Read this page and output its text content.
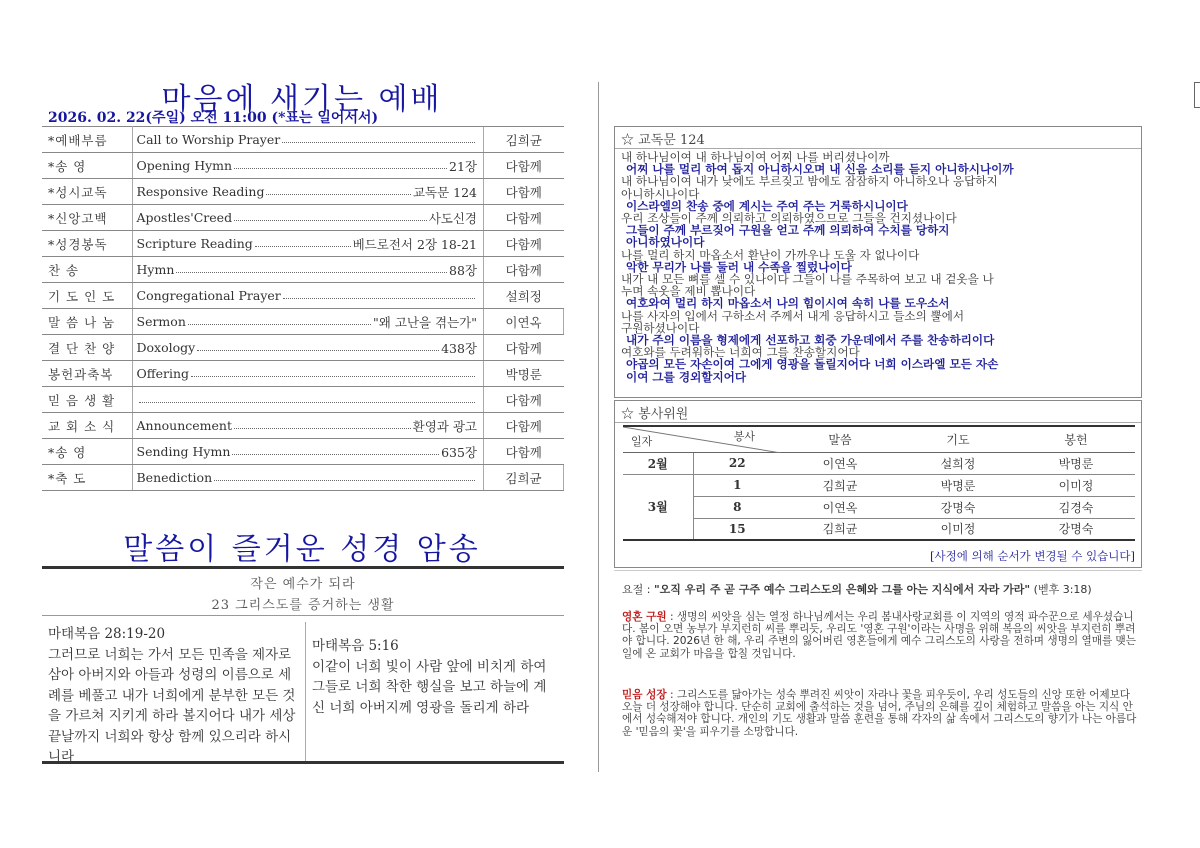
마음에 새기는 예배
2026. 02. 22(주일) 오전 11:00 (*표는 일어서서)
*예배부름	Call to Worship Prayer	김희균
*송 영	Opening Hymn 21장	다함께
*성시교독	Responsive Reading 교독문 124	다함께
*신앙고백	Apostles'Creed 사도신경	다함께
*성경봉독	Scripture Reading 베드로전서 2장 18-21	다함께
찬 송	Hymn 88장	다함께
기 도 인 도	Congregational Prayer	설희정
말 씀 나 눔	Sermon "왜 고난을 겪는가"	이연옥
결 단 찬 양	Doxology 438장	다함께
봉헌과축복	Offering	박명룬
믿 음 생 활		다함께
교 회 소 식	Announcement 환영과 광고	다함께
*송 영	Sending Hymn 635장	다함께
*축 도	Benediction	김희균
말씀이 즐거운 성경 암송
작은 예수가 되라
23 그리스도를 증거하는 생활
마태복음 28:19-20
그러므로 너희는 가서 모든 민족을 제자로 삼아 아버지와 아들과 성령의 이름으로 세례를 베풀고 내가 너희에게 분부한 모든 것을 가르쳐 지키게 하라 볼지어다 내가 세상 끝날까지 너희와 항상 함께 있으리라 하시니라
마태복음 5:16
이같이 너희 빛이 사람 앞에 비치게 하여 그들로 너희 착한 행실을 보고 하늘에 계신 너희 아버지께 영광을 돌리게 하라
☆ 교독문 124
내 하나님이여 내 하나님이여 어찌 나를 버리셨나이까
어찌 나를 멀리 하여 돕지 아니하시오며 내 신음 소리를 듣지 아니하시나이까
내 하나님이여 내가 낮에도 부르짖고 밤에도 잠잠하지 아니하오나 응답하지
아니하시나이다
이스라엘의 찬송 중에 계시는 주여 주는 거룩하시니이다
우리 조상들이 주께 의뢰하고 의뢰하였으므로 그들을 건지셨나이다
그들이 주께 부르짖어 구원을 얻고 주께 의뢰하여 수치를 당하지
아니하였나이다
나를 멀리 하지 마옵소서 환난이 가까우나 도울 자 없나이다
악한 무리가 나를 둘러 내 수족을 찔렀나이다
내가 내 모든 뼈를 셀 수 있나이다 그들이 나를 주목하여 보고 내 겉옷을 나
누며 속옷을 제비 뽑나이다
여호와여 멀리 하지 마옵소서 나의 힘이시여 속히 나를 도우소서
나를 사자의 입에서 구하소서 주께서 내게 응답하시고 들소의 뿔에서
구원하셨나이다
내가 주의 이름을 형제에게 선포하고 회중 가운데에서 주를 찬송하리이다
여호와를 두려워하는 너희여 그를 찬송할지어다
야곱의 모든 자손이여 그에게 영광을 돌릴지어다 너희 이스라엘 모든 자손
이여 그를 경외할지어다
☆ 봉사위원
일자 봉사		말씀	기도	봉헌
2월	22	이연옥	설희정	박명룬
3월	1	김희균	박명룬	이미정
	8	이연옥	강명숙	김경숙
	15	김희균	이미정	강명숙
[사정에 의해 순서가 변경될 수 있습니다]
요절 : "오직 우리 주 곧 구주 예수 그리스도의 은혜와 그를 아는 지식에서 자라 가라" (벧후 3:18)
영혼 구원 : 생명의 씨앗을 심는 열정 하나님께서는 우리 봄내사랑교회를 이 지역의 영적 파수꾼으로 세우셨습니다. 봄이 오면 농부가 부지런히 씨를 뿌리듯, 우리도 '영혼 구원'이라는 사명을 위해 복음의 씨앗을 부지런히 뿌려야 합니다. 2026년 한 해, 우리 주변의 잃어버린 영혼들에게 예수 그리스도의 사랑을 전하며 생명의 열매를 맺는 일에 온 교회가 마음을 합칠 것입니다.
믿음 성장 : 그리스도를 닮아가는 성숙 뿌려진 씨앗이 자라나 꽃을 피우듯이, 우리 성도들의 신앙 또한 어제보다 오늘 더 성장해야 합니다. 단순히 교회에 출석하는 것을 넘어, 주님의 은혜를 깊이 체험하고 말씀을 아는 지식 안에서 성숙해져야 합니다. 개인의 기도 생활과 말씀 훈련을 통해 각자의 삶 속에서 그리스도의 향기가 나는 아름다운 '믿음의 꽃'을 피우기를 소망합니다.
